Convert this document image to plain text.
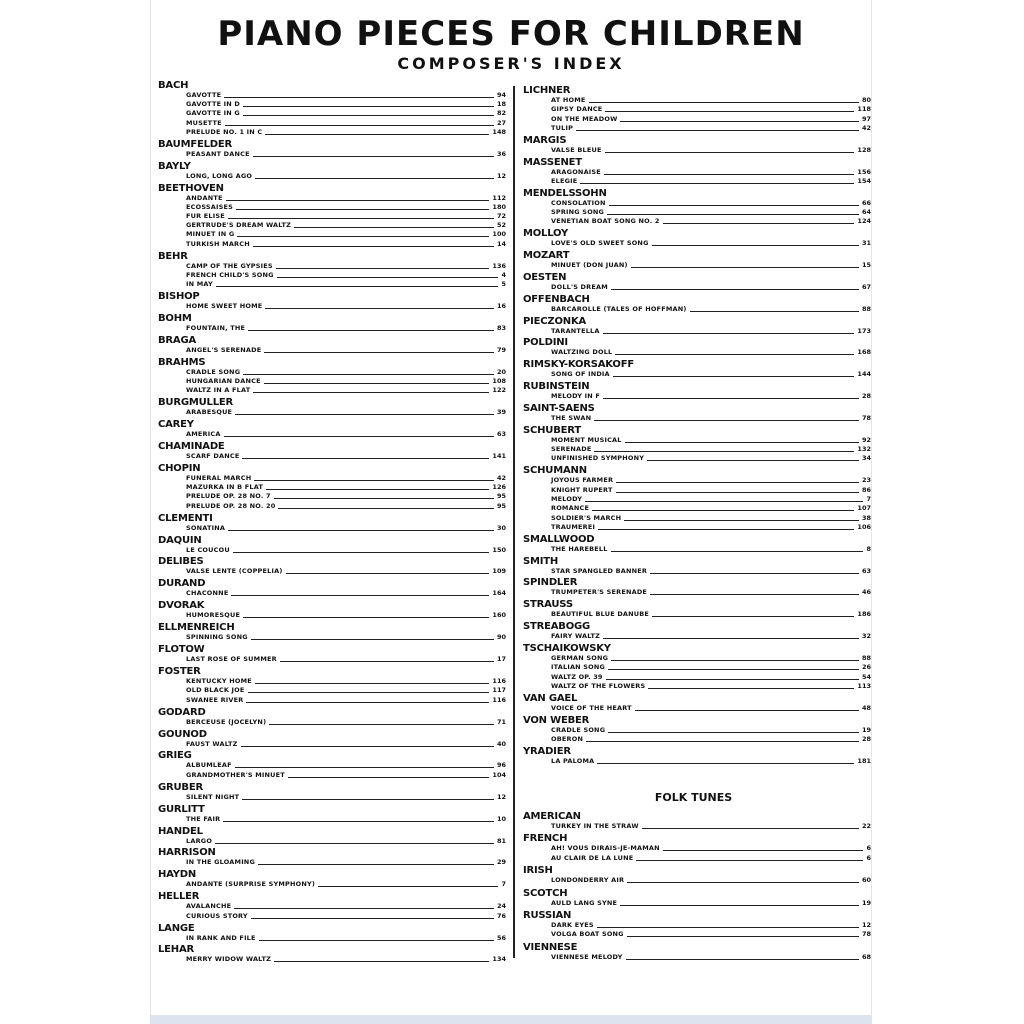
PIANO PIECES FOR CHILDREN
COMPOSER'S INDEX
BACH
GAVOTTE	94
GAVOTTE IN D	18
GAVOTTE IN G	82
MUSETTE	27
PRELUDE NO. 1 IN C	148
BAUMFELDER
PEASANT DANCE	36
BAYLY
LONG, LONG AGO	12
BEETHOVEN
ANDANTE	112
ECOSSAISES	180
FUR ELISE	72
GERTRUDE'S DREAM WALTZ	52
MINUET IN G	100
TURKISH MARCH	14
BEHR
CAMP OF THE GYPSIES	136
FRENCH CHILD'S SONG	4
IN MAY	5
BISHOP
HOME SWEET HOME	16
BOHM
FOUNTAIN, THE	83
BRAGA
ANGEL'S SERENADE	79
BRAHMS
CRADLE SONG	20
HUNGARIAN DANCE	108
WALTZ IN A FLAT	122
BURGMULLER
ARABESQUE	39
CAREY
AMERICA	63
CHAMINADE
SCARF DANCE	141
CHOPIN
FUNERAL MARCH	42
MAZURKA IN B FLAT	126
PRELUDE OP. 28 NO. 7	95
PRELUDE OP. 28 NO. 20	95
CLEMENTI
SONATINA	30
DAQUIN
LE COUCOU	150
DELIBES
VALSE LENTE (COPPELIA)	109
DURAND
CHACONNE	164
DVORAK
HUMORESQUE	160
ELLMENREICH
SPINNING SONG	90
FLOTOW
LAST ROSE OF SUMMER	17
FOSTER
KENTUCKY HOME	116
OLD BLACK JOE	117
SWANEE RIVER	116
GODARD
BERCEUSE (JOCELYN)	71
GOUNOD
FAUST WALTZ	40
GRIEG
ALBUMLEAF	96
GRANDMOTHER'S MINUET	104
GRUBER
SILENT NIGHT	12
GURLITT
THE FAIR	10
HANDEL
LARGO	81
HARRISON
IN THE GLOAMING	29
HAYDN
ANDANTE (SURPRISE SYMPHONY)	7
HELLER
AVALANCHE	24
CURIOUS STORY	76
LANGE
IN RANK AND FILE	56
LEHAR
MERRY WIDOW WALTZ	134
LICHNER
AT HOME	80
GIPSY DANCE	118
ON THE MEADOW	97
TULIP	42
MARGIS
VALSE BLEUE	128
MASSENET
ARAGONAISE	156
ELEGIE	154
MENDELSSOHN
CONSOLATION	66
SPRING SONG	64
VENETIAN BOAT SONG NO. 2	124
MOLLOY
LOVE'S OLD SWEET SONG	31
MOZART
MINUET (DON JUAN)	15
OESTEN
DOLL'S DREAM	67
OFFENBACH
BARCAROLLE (TALES OF HOFFMAN)	88
PIECZONKA
TARANTELLA	173
POLDINI
WALTZING DOLL	168
RIMSKY-KORSAKOFF
SONG OF INDIA	144
RUBINSTEIN
MELODY IN F	28
SAINT-SAENS
THE SWAN	78
SCHUBERT
MOMENT MUSICAL	92
SERENADE	132
UNFINISHED SYMPHONY	34
SCHUMANN
JOYOUS FARMER	23
KNIGHT RUPERT	86
MELODY	7
ROMANCE	107
SOLDIER'S MARCH	38
TRAUMEREI	106
SMALLWOOD
THE HAREBELL	8
SMITH
STAR SPANGLED BANNER	63
SPINDLER
TRUMPETER'S SERENADE	46
STRAUSS
BEAUTIFUL BLUE DANUBE	186
STREABOGG
FAIRY WALTZ	32
TSCHAIKOWSKY
GERMAN SONG	88
ITALIAN SONG	26
WALTZ OP. 39	54
WALTZ OF THE FLOWERS	113
VAN GAEL
VOICE OF THE HEART	48
VON WEBER
CRADLE SONG	19
OBERON	28
YRADIER
LA PALOMA	181
FOLK TUNES
AMERICAN
TURKEY IN THE STRAW	22
FRENCH
AH! VOUS DIRAIS-JE-MAMAN	6
AU CLAIR DE LA LUNE	6
IRISH
LONDONDERRY AIR	60
SCOTCH
AULD LANG SYNE	19
RUSSIAN
DARK EYES	12
VOLGA BOAT SONG	78
VIENNESE
VIENNESE MELODY	68
